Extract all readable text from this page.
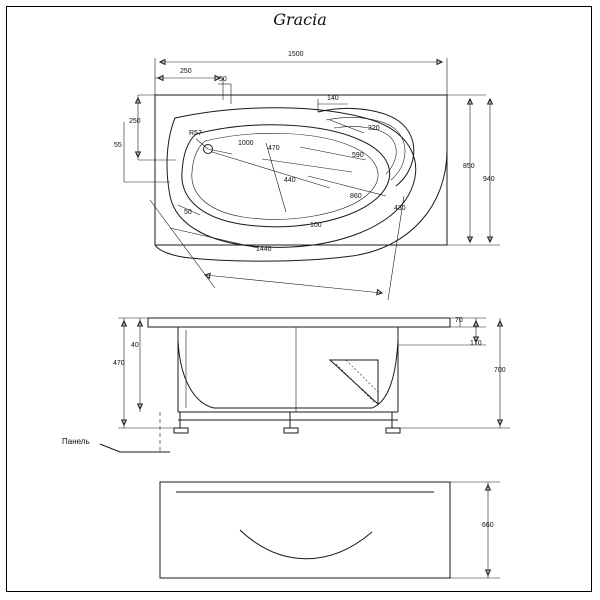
Gracia
1500
250
50
140
250
55
R57
1000
470
590
320
440
860
430
100
50
1440
850
940
470
40
70
170
700
Панель
660
